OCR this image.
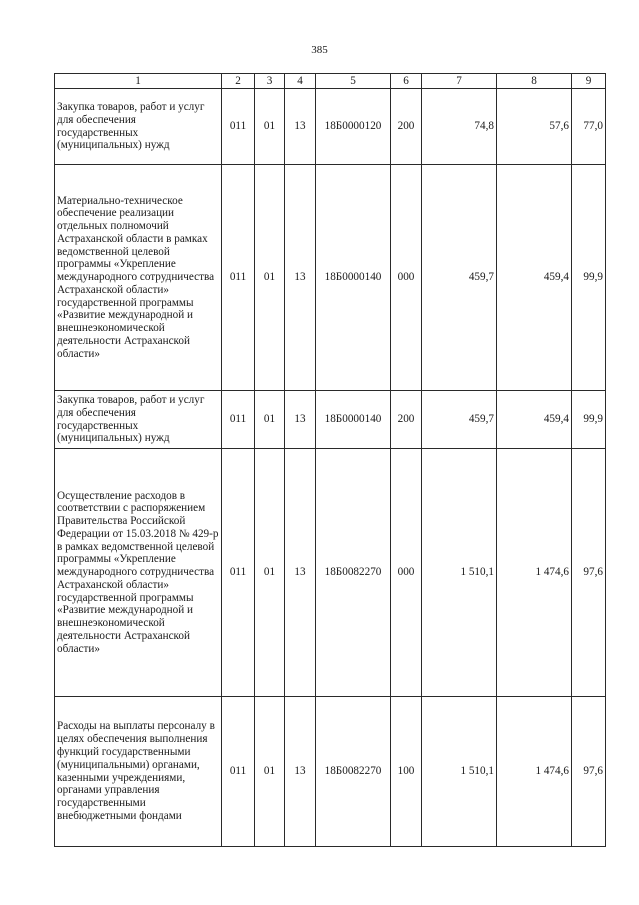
385
1	2	3	4	5	6	7	8	9
Закупка товаров, работ и услуг для обеспечения государственных (муниципальных) нужд	011	01	13	18Б0000120	200	74,8	57,6	77,0
Материально-техническое обеспечение реализации отдельных полномочий Астраханской области в рамках ведомственной целевой программы «Укрепление международного сотрудничества Астраханской области» государственной программы «Развитие международной и внешнеэкономической деятельности Астраханской области»	011	01	13	18Б0000140	000	459,7	459,4	99,9
Закупка товаров, работ и услуг для обеспечения государственных (муниципальных) нужд	011	01	13	18Б0000140	200	459,7	459,4	99,9
Осуществление расходов в соответствии с распоряжением Правительства Российской Федерации от 15.03.2018 № 429-р в рамках ведомственной целевой программы «Укрепление международного сотрудничества Астраханской области» государственной программы «Развитие международной и внешнеэкономической деятельности Астраханской области»	011	01	13	18Б0082270	000	1 510,1	1 474,6	97,6
Расходы на выплаты персоналу в целях обеспечения выполнения функций государственными (муниципальными) органами, казенными учреждениями, органами управления государственными внебюджетными фондами	011	01	13	18Б0082270	100	1 510,1	1 474,6	97,6
